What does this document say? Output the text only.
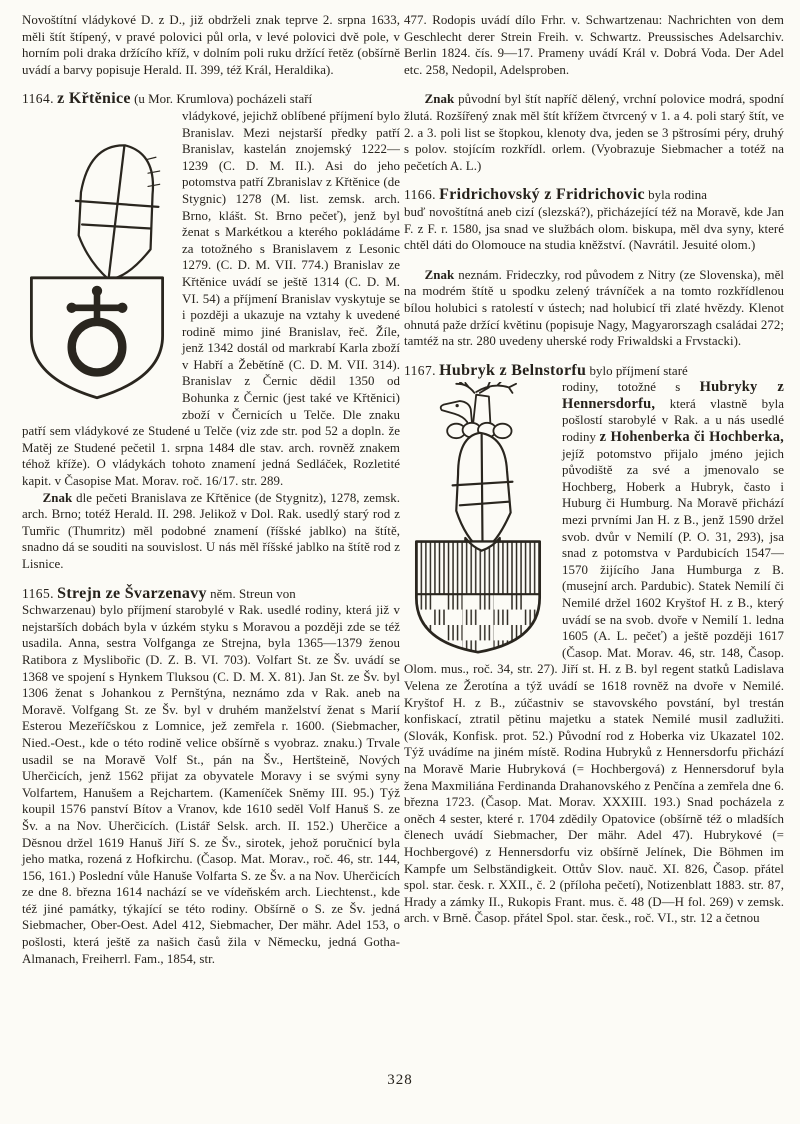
Novoštítní vládykové D. z D., již obdrželi znak teprve 2. srpna 1633, měli štít štípený, v pravé polovici půl orla, v levé polovici dvě pole, v horním poli draka držícího kříž, v dolním poli ruku držící řetěz (obšírně uvádí a barvy popisuje Herald. II. 399, též Král, Heraldika).

1164. z Křtěnice (u Mor. Krumlova) pocházeli staří

vládykové, jejichž oblíbené příjmení bylo Branislav. Mezi nejstarší předky patří Branislav, kastelán znojemský 1222—1239 (C. D. M. II.). Asi do jeho potomstva patří Zbranislav z Křtěnice (de Stygnic) 1278 (M. list. zemsk. arch. Brno, klášt. St. Brno pečeť), jenž byl ženat s Markétkou a kterého pokládáme za totožného s Branislavem z Lesonic 1279. (C. D. M. VII. 774.) Branislav ze Křtěnice uvádí se ještě 1314 (C. D. M. VI. 54) a příjmení Branislav vyskytuje se i později a ukazuje na vztahy k uvedené rodině mimo jiné Branislav, řeč. Žíle, jenž 1342 dostál od markrabí Karla zboží v Habří a Žebětíně (C. D. M. VII. 314). Branislav z Černic dědil 1350 od Bohunka z Černic (jest také ve Křtěnici) zboží v Černicích u Telče. Dle znaku patří sem vládykové ze Studené u Telče (viz zde str. pod 52 a dopln. že Matěj ze Studené pečetil 1. srpna 1484 dle stav. arch. rovněž znakem téhož kříže). O vládykách tohoto znamení jedná Sedláček, Rozletité kapit. v Časopise Mat. Morav. roč. 16/17. str. 289.

Znak dle pečeti Branislava ze Křtěnice (de Stygnitz), 1278, zemsk. arch. Brno; totéž Herald. II. 298. Jelikož v Dol. Rak. usedlý starý rod z Tumřic (Thumritz) měl podobné znamení (říšské jablko) na štítě, snadno dá se souditi na souvislost. U nás měl říšské jablko na štítě rod z Lisnice.

1165. Strejn ze Švarzenavy něm. Streun von

Schwarzenau) bylo příjmení starobylé v Rak. usedlé rodiny, která již v nejstarších dobách byla v úzkém styku s Moravou a později zde se též usadila. Anna, sestra Volfganga ze Strejna, byla 1365—1379 ženou Ratibora z Myslibořic (D. Z. B. VI. 703). Volfart St. ze Šv. uvádí se 1368 ve spojení s Hynkem Tluksou (C. D. M. X. 81). Jan St. ze Šv. byl 1306 ženat s Johankou z Pernštýna, neznámo zda v Rak. aneb na Moravě. Volfgang St. ze Šv. byl v druhém manželství ženat s Marií Esterou Mezeříčskou z Lomnice, jež zemřela r. 1600. (Siebmacher, Nied.-Oest., kde o této rodině velice obšírně s vyobraz. znaku.) Trvale usadil se na Moravě Volf St., pán na Šv., Hertšteině, Nových Uherčicích, jenž 1562 přijat za obyvatele Moravy i se svými syny Volfartem, Hanušem a Rejchartem. (Kameníček Sněmy III. 95.) Týž koupil 1576 panství Bítov a Vranov, kde 1610 seděl Volf Hanuš S. ze Šv. a na Nov. Uherčicích. (Listář Selsk. arch. II. 152.) Uherčice a Děsnou držel 1619 Hanuš Jiří S. ze Šv., sirotek, jehož poručnicí byla jeho matka, rozená z Hofkirchu. (Časop. Mat. Morav., roč. 46, str. 144, 156, 161.) Poslední vůle Hanuše Volfarta S. ze Šv. a na Nov. Uherčicích ze dne 8. března 1614 nachází se ve vídeňském arch. Liechtenst., kde též jiné památky, týkající se této rodiny. Obšírně o S. ze Šv. jedná Siebmacher, Ober-Oest. Adel 412, Siebmacher, Der mähr. Adel 153, o pošlosti, která ještě za našich časů žila v Německu, jedná Gotha-Almanach, Freiherrl. Fam., 1854, str.

477. Rodopis uvádí dílo Frhr. v. Schwartzenau: Nachrichten von dem Geschlecht derer Strein Freih. v. Schwartz. Preussisches Adelsarchiv. Berlin 1824. čís. 9—17. Prameny uvádí Král v. Dobrá Voda. Der Adel etc. 258, Nedopil, Adelsproben.

Znak původní byl štít napříč dělený, vrchní polovice modrá, spodní žlutá. Rozšířený znak měl štít křížem čtvrcený v 1. a 4. poli starý štít, ve 2. a 3. poli list se štopkou, klenoty dva, jeden se 3 pštrosími péry, druhý s polov. stojícím rozkřídl. orlem. (Vyobrazuje Siebmacher a totéž na pečetích A. L.)

1166. Fridrichovský z Fridrichovic byla rodina

buď novoštítná aneb cizí (slezská?), přicházející též na Moravě, kde Jan F. z F. r. 1580, jsa snad ve službách olom. biskupa, měl dva syny, které chtěl dáti do Olomouce na studia kněžství. (Navrátil. Jesuité olom.)

Znak neznám. Frideczky, rod původem z Nitry (ze Slovenska), měl na modrém štítě u spodku zelený trávníček a na tomto rozkřídlenou bílou holubici s ratolestí v ústech; nad holubicí tři zlaté hvězdy. Klenot ohnutá paže držící květinu (popisuje Nagy, Magyarorszagh családai 272; tamtéž na str. 280 uvedeny uherské rody Friwaldski a Frvstacki).

1167. Hubryk z Belnstorfu bylo příjmení staré

rodiny, totožné s Hubryky z Hennersdorfu, která vlastně byla pošlostí starobylé v Rak. a u nás usedlé rodiny z Hohenberka či Hochberka, jejíž potomstvo přijalo jméno jejich původiště za své a jmenovalo se Hochberg, Hoberk a Hubryk, často i Huburg či Humburg. Na Moravě přichází mezi prvními Jan H. z B., jenž 1590 držel svob. dvůr v Nemilí (P. O. 31, 293), jsa snad z potomstva v Pardubicích 1547—1570 žijícího Jana Humburga z B. (musejní arch. Pardubic). Statek Nemilí či Nemilé držel 1602 Kryštof H. z B., který uvádí se na svob. dvoře v Nemilí 1. ledna 1605 (A. L. pečeť) a ještě později 1617 (Časop. Mat. Morav. 46, str. 148, Časop. Olom. mus., roč. 34, str. 27). Jiří st. H. z B. byl regent statků Ladislava Velena ze Žerotína a týž uvádí se 1618 rovněž na dvoře v Nemilé. Kryštof H. z B., zúčastniv se stavovského povstání, byl trestán konfiskací, ztratil pětinu majetku a statek Nemilé musil zadlužiti. (Slovák, Konfisk. prot. 52.) Původní rod z Hoberka viz Ukazatel 102. Týž uvádíme na jiném místě. Rodina Hubryků z Hennersdorfu přichází na Moravě Marie Hubryková (= Hochbergová) z Hennersdoruf byla žena Maxmiliána Ferdinanda Drahanovského z Penčína a zemřela dne 6. března 1723. (Časop. Mat. Morav. XXXIII. 193.) Snad pocházela z oněch 4 sester, které r. 1704 zdědily Opatovice (obšírně též o mladších členech uvádí Siebmacher, Der mähr. Adel 47). Hubrykové (= Hochbergové) z Hennersdorfu viz obšírně Jelínek, Die Böhmen im Kampfe um Selbständigkeit. Ottův Slov. nauč. XI. 826, Časop. přátel spol. star. česk. r. XXII., č. 2 (příloha pečetí), Notizenblatt 1883. str. 87, Hrady a zámky II., Rukopis Frant. mus. č. 48 (D—H fol. 269) v zemsk. arch. v Brně. Časop. přátel Spol. star. česk., roč. VI., str. 12 a četnou

328
